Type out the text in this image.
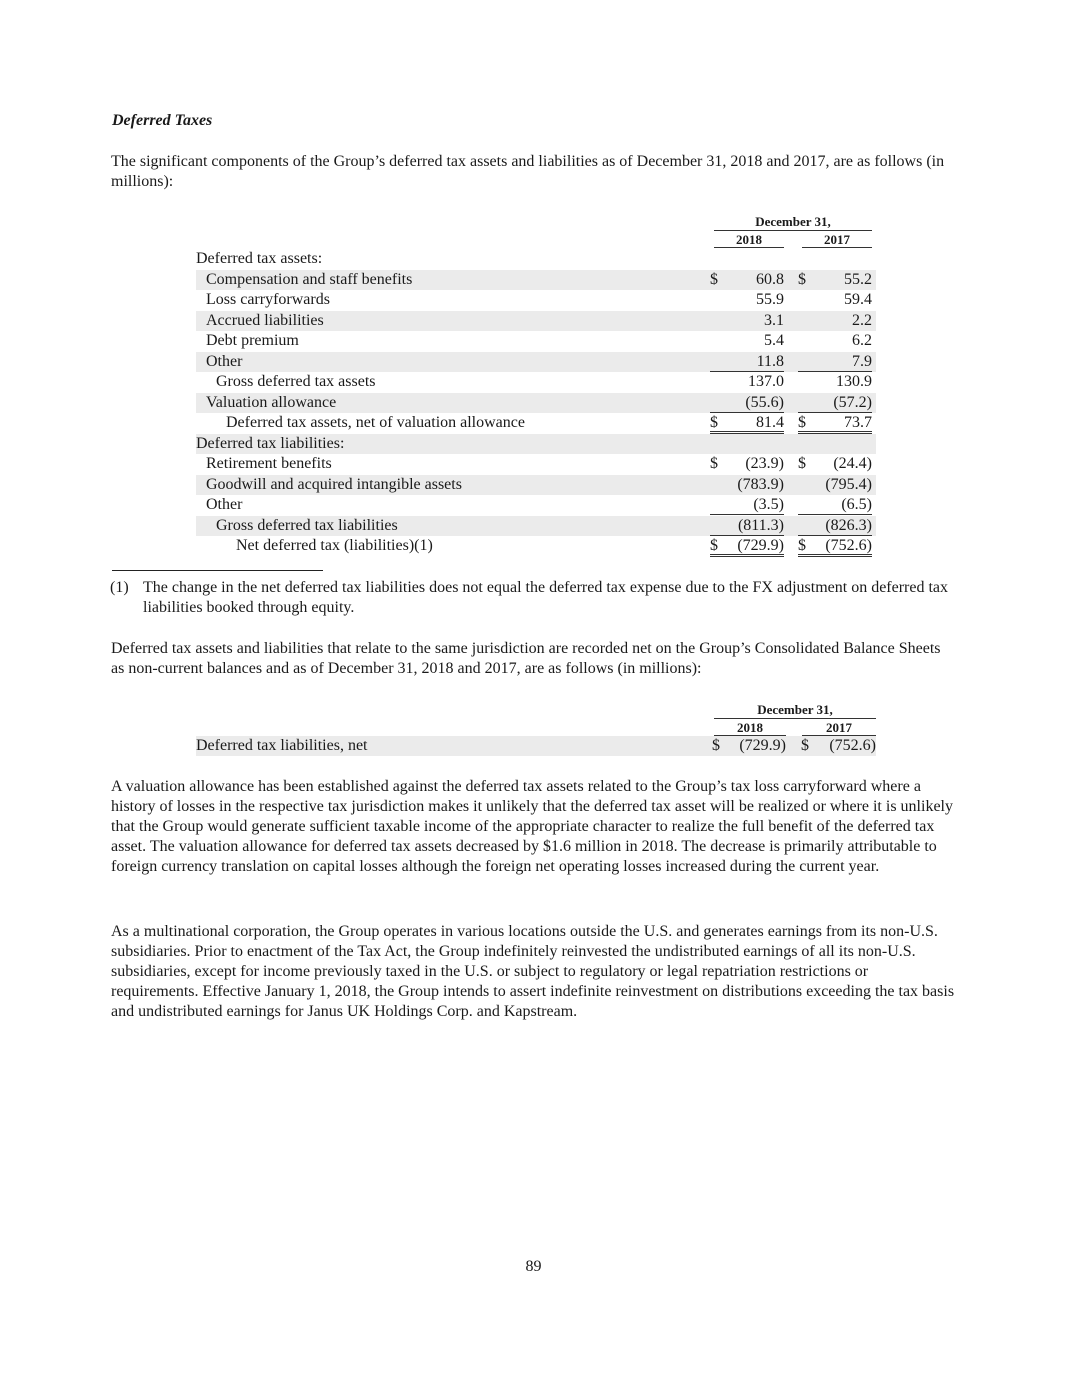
Deferred Taxes
The significant components of the Group’s deferred tax assets and liabilities as of December 31, 2018 and 2017, are as follows (in millions):
December 31,
2018	2017
Deferred tax assets:
Compensation and staff benefits	$ 60.8 $ 55.2
Loss carryforwards	55.9	59.4
Accrued liabilities	3.1	2.2
Debt premium	5.4	6.2
Other	11.8	7.9
Gross deferred tax assets	137.0	130.9
Valuation allowance	(55.6)	(57.2)
Deferred tax assets, net of valuation allowance	$ 81.4 $ 73.7
Deferred tax liabilities:
Retirement benefits	$ (23.9) $ (24.4)
Goodwill and acquired intangible assets	(783.9)	(795.4)
Other	(3.5)	(6.5)
Gross deferred tax liabilities	(811.3)	(826.3)
Net deferred tax (liabilities)(1)	$ (729.9) $ (752.6)
(1) The change in the net deferred tax liabilities does not equal the deferred tax expense due to the FX adjustment on deferred tax liabilities booked through equity.
Deferred tax assets and liabilities that relate to the same jurisdiction are recorded net on the Group’s Consolidated Balance Sheets as non-current balances and as of December 31, 2018 and 2017, are as follows (in millions):
December 31,
2018	2017
Deferred tax liabilities, net	$ (729.9) $ (752.6)
A valuation allowance has been established against the deferred tax assets related to the Group’s tax loss carryforward where a history of losses in the respective tax jurisdiction makes it unlikely that the deferred tax asset will be realized or where it is unlikely that the Group would generate sufficient taxable income of the appropriate character to realize the full benefit of the deferred tax asset. The valuation allowance for deferred tax assets decreased by $1.6 million in 2018. The decrease is primarily attributable to foreign currency translation on capital losses although the foreign net operating losses increased during the current year.
As a multinational corporation, the Group operates in various locations outside the U.S. and generates earnings from its non-U.S. subsidiaries. Prior to enactment of the Tax Act, the Group indefinitely reinvested the undistributed earnings of all its non-U.S. subsidiaries, except for income previously taxed in the U.S. or subject to regulatory or legal repatriation restrictions or requirements. Effective January 1, 2018, the Group intends to assert indefinite reinvestment on distributions exceeding the tax basis and undistributed earnings for Janus UK Holdings Corp. and Kapstream.
89
